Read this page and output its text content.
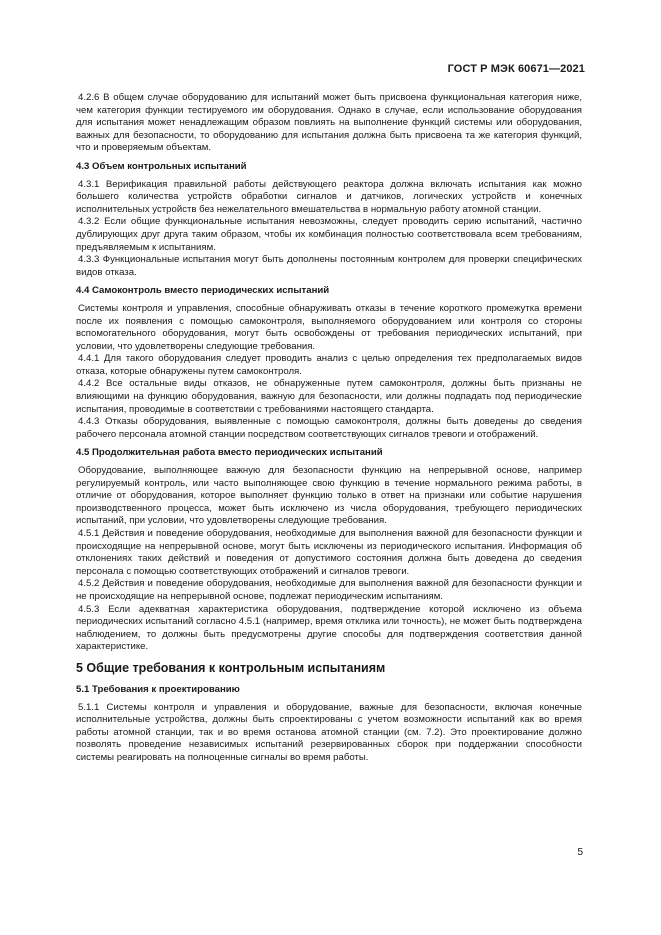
ГОСТ Р МЭК 60671—2021

4.2.6 В общем случае оборудованию для испытаний может быть присвоена функциональная категория ниже, чем категория функции тестируемого им оборудования. Однако в случае, если использование оборудования для испытания может ненадлежащим образом повлиять на выполнение функций системы или оборудования, важных для безопасности, то оборудованию для испытания должна быть присвоена та же категория функций, что и проверяемым объектам.

4.3 Объем контрольных испытаний

4.3.1 Верификация правильной работы действующего реактора должна включать испытания как можно большего количества устройств обработки сигналов и датчиков, логических устройств и конечных исполнительных устройств без нежелательного вмешательства в нормальную работу атомной станции.

4.3.2 Если общие функциональные испытания невозможны, следует проводить серию испытаний, частично дублирующих друг друга таким образом, чтобы их комбинация полностью соответствовала всем требованиям, предъявляемым к испытаниям.

4.3.3 Функциональные испытания могут быть дополнены постоянным контролем для проверки специфических видов отказа.

4.4 Самоконтроль вместо периодических испытаний

Системы контроля и управления, способные обнаруживать отказы в течение короткого промежутка времени после их появления с помощью самоконтроля, выполняемого оборудованием или контроля со стороны вспомогательного оборудования, могут быть освобождены от требования периодических испытаний, при условии, что удовлетворены следующие требования.

4.4.1 Для такого оборудования следует проводить анализ с целью определения тех предполагаемых видов отказа, которые обнаружены путем самоконтроля.

4.4.2 Все остальные виды отказов, не обнаруженные путем самоконтроля, должны быть признаны не влияющими на функцию оборудования, важную для безопасности, или должны подпадать под периодические испытания, проводимые в соответствии с требованиями настоящего стандарта.

4.4.3 Отказы оборудования, выявленные с помощью самоконтроля, должны быть доведены до сведения рабочего персонала атомной станции посредством соответствующих сигналов тревоги и отображений.

4.5 Продолжительная работа вместо периодических испытаний

Оборудование, выполняющее важную для безопасности функцию на непрерывной основе, например регулируемый контроль, или часто выполняющее свою функцию в течение нормального режима работы, в отличие от оборудования, которое выполняет функцию только в ответ на признаки или событие нарушения производственного процесса, может быть исключено из числа оборудования, требующего периодических испытаний, при условии, что удовлетворены следующие требования.

4.5.1 Действия и поведение оборудования, необходимые для выполнения важной для безопасности функции и происходящие на непрерывной основе, могут быть исключены из периодического испытания. Информация об отклонениях таких действий и поведения от допустимого состояния должна быть доведена до сведения персонала с помощью соответствующих отображений и сигналов тревоги.

4.5.2 Действия и поведение оборудования, необходимые для выполнения важной для безопасности функции и не происходящие на непрерывной основе, подлежат периодическим испытаниям.

4.5.3 Если адекватная характеристика оборудования, подтверждение которой исключено из объема периодических испытаний согласно 4.5.1 (например, время отклика или точность), не может быть подтверждена наблюдением, то должны быть предусмотрены другие способы для подтверждения соответствия данной характеристике.

5 Общие требования к контрольным испытаниям
5.1 Требования к проектированию

5.1.1 Системы контроля и управления и оборудование, важные для безопасности, включая конечные исполнительные устройства, должны быть спроектированы с учетом возможности испытаний как во время работы атомной станции, так и во время останова атомной станции (см. 7.2). Это проектирование должно позволять проведение независимых испытаний резервированных сборок при поддержании способности системы реагировать на полноценные сигналы во время работы.

5
